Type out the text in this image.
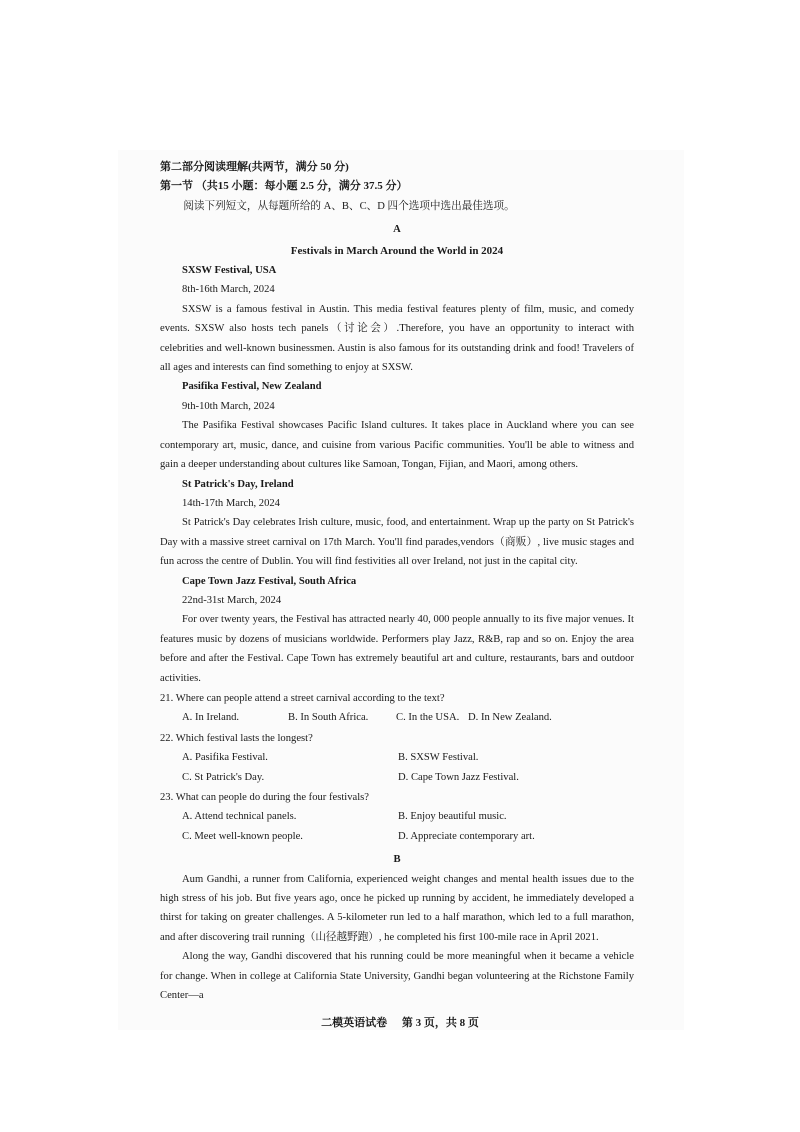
第二部分阅读理解(共两节，满分 50 分)

第一节 （共15 小题：每小题 2.5 分，满分 37.5 分）

阅读下列短文，从每题所给的 A、B、C、D 四个选项中选出最佳选项。

A

Festivals in March Around the World in 2024

SXSW Festival, USA

8th-16th March, 2024

SXSW is a famous festival in Austin. This media festival features plenty of film, music, and comedy events. SXSW also hosts tech panels（讨论会）.Therefore, you have an opportunity to interact with celebrities and well-known businessmen. Austin is also famous for its outstanding drink and food! Travelers of all ages and interests can find something to enjoy at SXSW.

Pasifika Festival, New Zealand

9th-10th March, 2024

The Pasifika Festival showcases Pacific Island cultures. It takes place in Auckland where you can see contemporary art, music, dance, and cuisine from various Pacific communities. You'll be able to witness and gain a deeper understanding about cultures like Samoan, Tongan, Fijian, and Maori, among others.

St Patrick's Day, Ireland

14th-17th March, 2024

St Patrick's Day celebrates Irish culture, music, food, and entertainment. Wrap up the party on St Patrick's Day with a massive street carnival on 17th March. You'll find parades,vendors（商贩）, live music stages and fun across the centre of Dublin. You will find festivities all over Ireland, not just in the capital city.

Cape Town Jazz Festival, South Africa

22nd-31st March, 2024

For over twenty years, the Festival has attracted nearly 40, 000 people annually to its five major venues. It features music by dozens of musicians worldwide. Performers play Jazz, R&B, rap and so on. Enjoy the area before and after the Festival. Cape Town has extremely beautiful art and culture, restaurants, bars and outdoor activities.

21. Where can people attend a street carnival according to the text?

A. In Ireland.	B. In South Africa.	C. In the USA. D. In New Zealand.

22. Which festival lasts the longest?

A. Pasifika Festival.	B. SXSW Festival.
C. St Patrick's Day.	D. Cape Town Jazz Festival.

23. What can people do during the four festivals?

A. Attend technical panels.	B. Enjoy beautiful music.
C. Meet well-known people.	D. Appreciate contemporary art.

B

Aum Gandhi, a runner from California, experienced weight changes and mental health issues due to the high stress of his job. But five years ago, once he picked up running by accident, he immediately developed a thirst for taking on greater challenges. A 5-kilometer run led to a half marathon, which led to a full marathon, and after discovering trail running（山径越野跑）, he completed his first 100-mile race in April 2021.

Along the way, Gandhi discovered that his running could be more meaningful when it became a vehicle for change. When in college at California State University, Gandhi began volunteering at the Richstone Family Center—a

二模英语试卷 第 3 页，共 8 页
